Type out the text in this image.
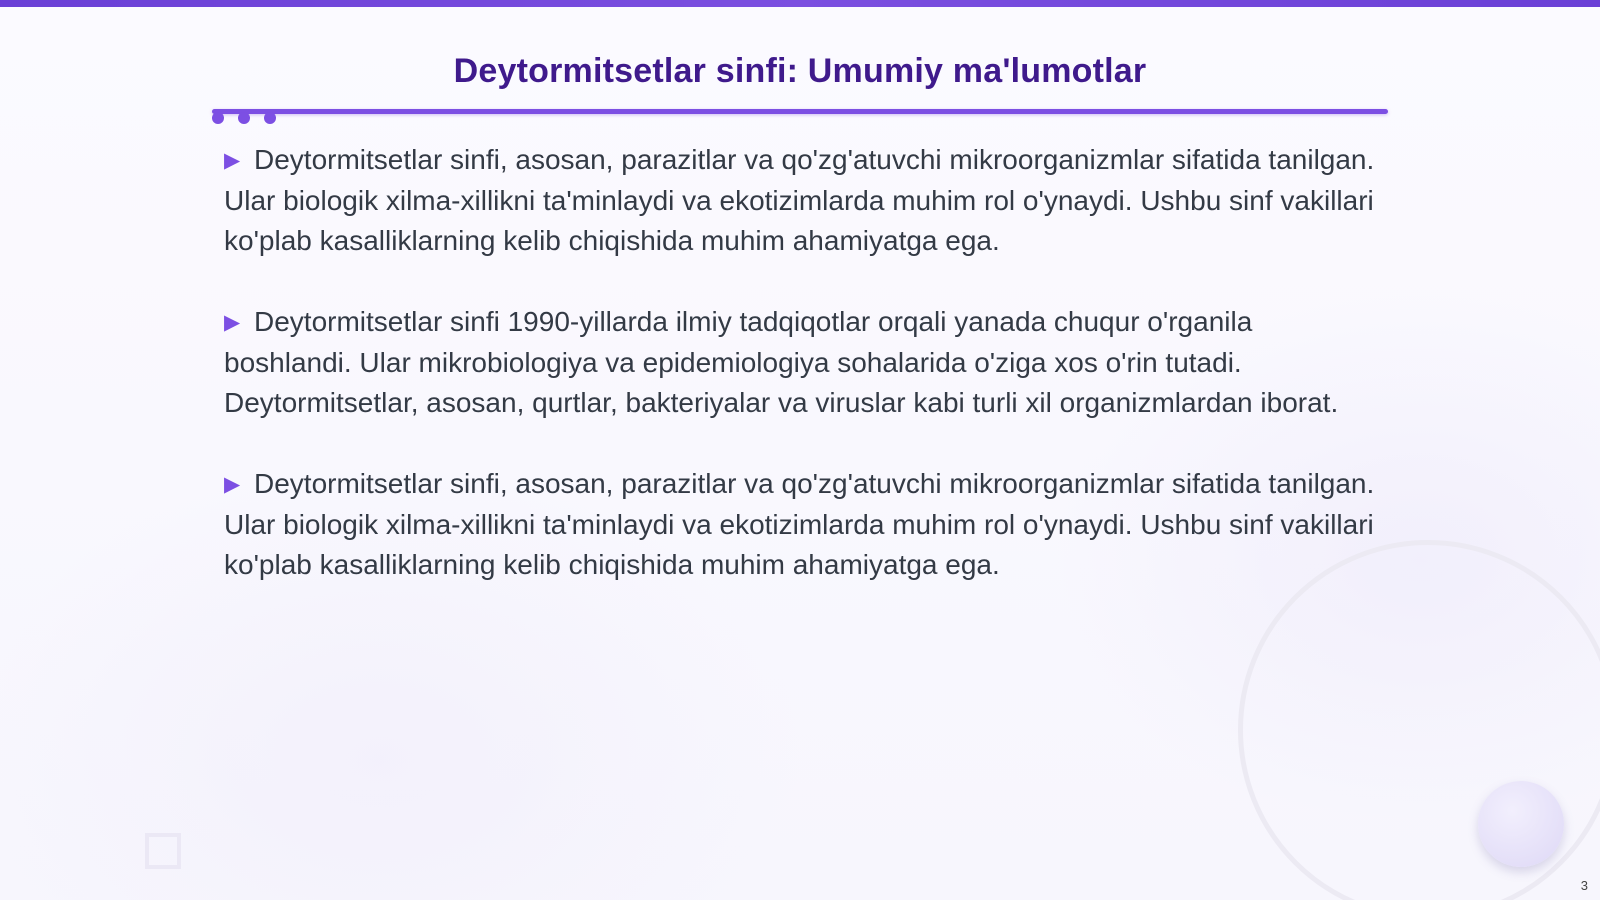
Deytormitsetlar sinfi: Umumiy ma'lumotlar

▶ Deytormitsetlar sinfi, asosan, parazitlar va qo'zg'atuvchi mikroorganizmlar sifatida tanilgan. Ular biologik xilma-xillikni ta'minlaydi va ekotizimlarda muhim rol o'ynaydi. Ushbu sinf vakillari ko'plab kasalliklarning kelib chiqishida muhim ahamiyatga ega.

▶ Deytormitsetlar sinfi 1990-yillarda ilmiy tadqiqotlar orqali yanada chuqur o'rganila boshlandi. Ular mikrobiologiya va epidemiologiya sohalarida o'ziga xos o'rin tutadi. Deytormitsetlar, asosan, qurtlar, bakteriyalar va viruslar kabi turli xil organizmlardan iborat.

▶ Deytormitsetlar sinfi, asosan, parazitlar va qo'zg'atuvchi mikroorganizmlar sifatida tanilgan. Ular biologik xilma-xillikni ta'minlaydi va ekotizimlarda muhim rol o'ynaydi. Ushbu sinf vakillari ko'plab kasalliklarning kelib chiqishida muhim ahamiyatga ega.

3
